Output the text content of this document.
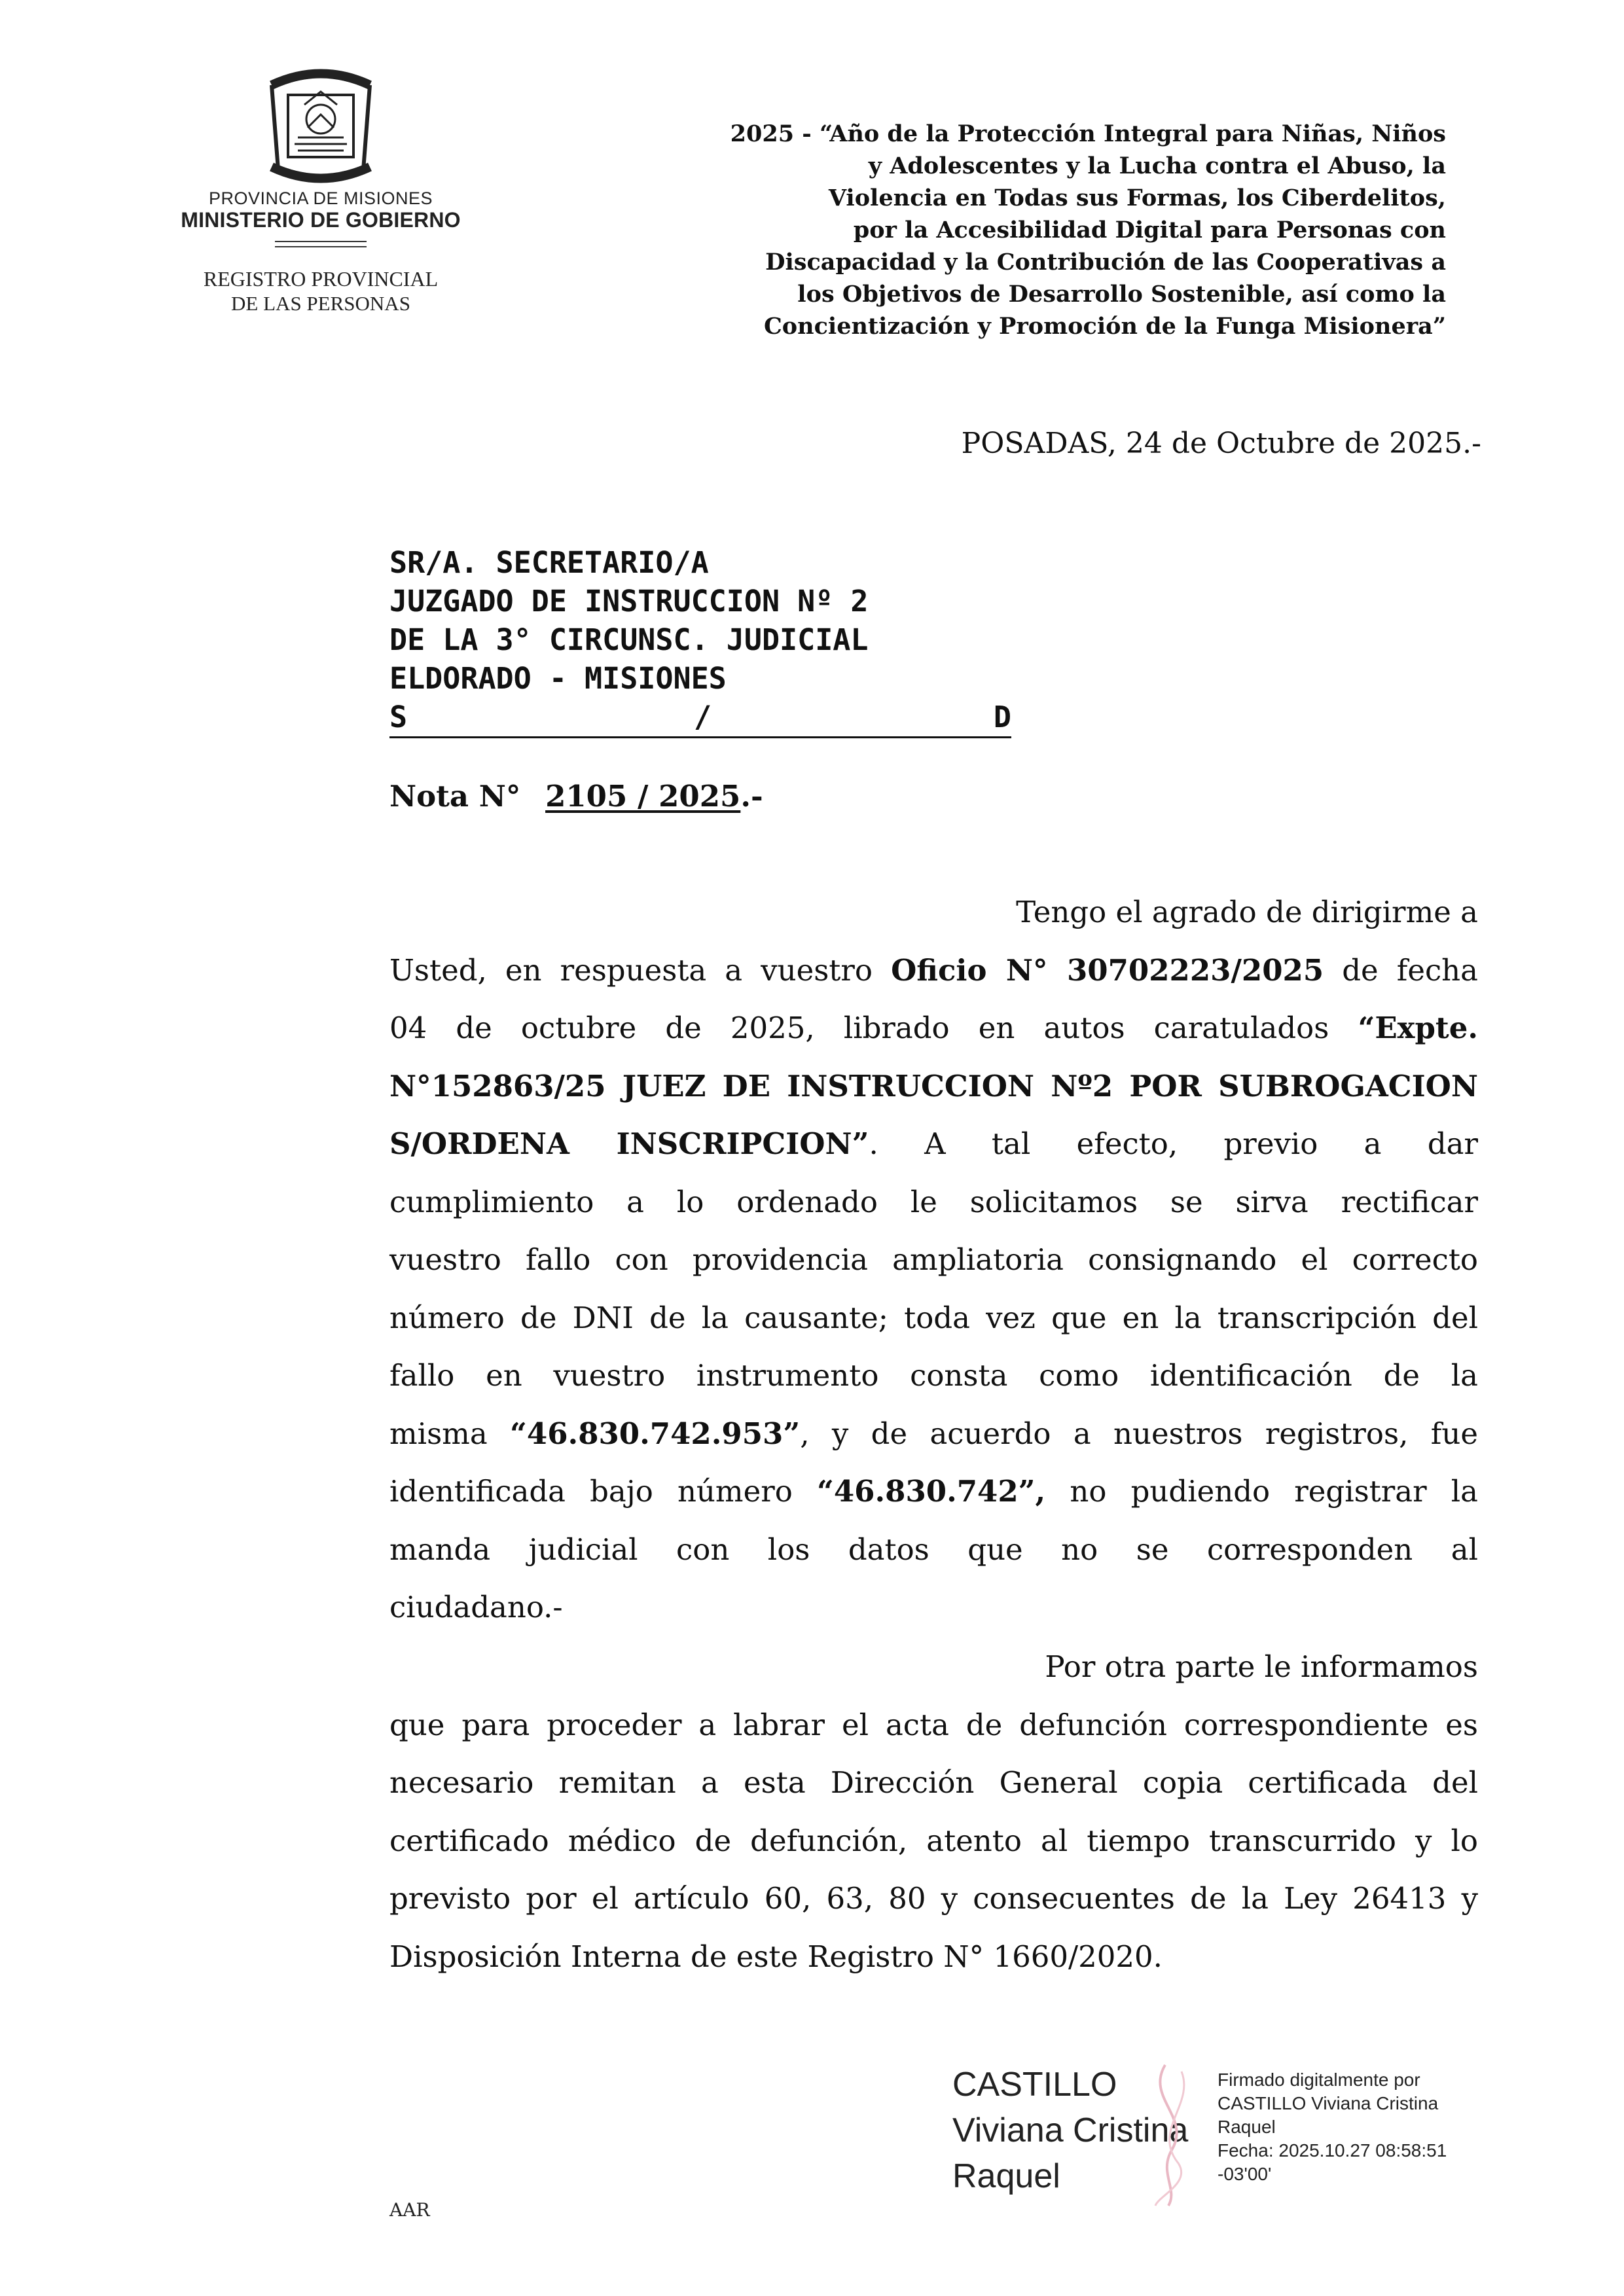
PROVINCIA DE MISIONES
MINISTERIO DE GOBIERNO
REGISTRO PROVINCIAL
DE LAS PERSONAS
2025 - “Año de la Protección Integral para Niñas, Niños
y Adolescentes y la Lucha contra el Abuso, la
Violencia en Todas sus Formas, los Ciberdelitos,
por la Accesibilidad Digital para Personas con
Discapacidad y la Contribución de las Cooperativas a
los Objetivos de Desarrollo Sostenible, así como la
Concientización y Promoción de la Funga Misionera”
POSADAS, 24 de Octubre de 2025.-
SR/A. SECRETARIO/A
JUZGADO DE INSTRUCCION Nº 2
DE LA 3° CIRCUNSC. JUDICIAL
ELDORADO - MISIONES
S	/	D
Nota N° 2105 / 2025.-
Tengo el agrado de dirigirme a
Usted, en respuesta a vuestro Oficio N° 30702223/2025 de fecha
04 de octubre de 2025, librado en autos caratulados “Expte.
N°152863/25 JUEZ DE INSTRUCCION Nº2 POR SUBROGACION
S/ORDENA INSCRIPCION”. A tal efecto, previo a dar
cumplimiento a lo ordenado le solicitamos se sirva rectificar
vuestro fallo con providencia ampliatoria consignando el correcto
número de DNI de la causante; toda vez que en la transcripción del
fallo en vuestro instrumento consta como identificación de la
misma “46.830.742.953”, y de acuerdo a nuestros registros, fue
identificada bajo número “46.830.742”, no pudiendo registrar la
manda judicial con los datos que no se corresponden al
ciudadano.-
Por otra parte le informamos
que para proceder a labrar el acta de defunción correspondiente es
necesario remitan a esta Dirección General copia certificada del
certificado médico de defunción, atento al tiempo transcurrido y lo
previsto por el artículo 60, 63, 80 y consecuentes de la Ley 26413 y
Disposición Interna de este Registro N° 1660/2020.
CASTILLO
Viviana Cristina
Raquel
Firmado digitalmente por
CASTILLO Viviana Cristina
Raquel
Fecha: 2025.10.27 08:58:51
-03'00'
AAR
